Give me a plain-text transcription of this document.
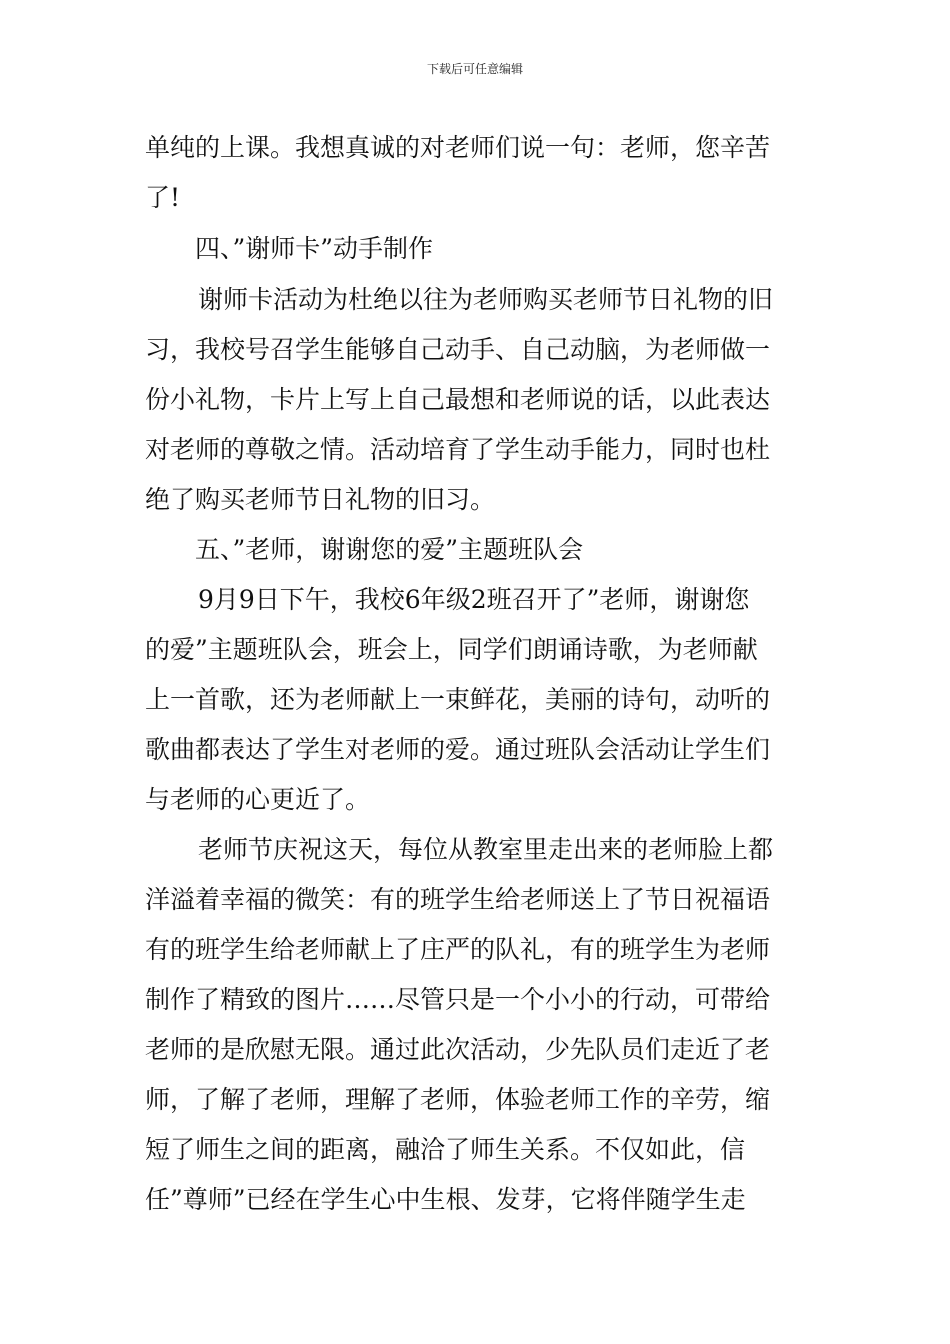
下载后可任意编辑
单纯的上课。我想真诚的对老师们说一句：老师，您辛苦
了!
四、”谢师卡”动手制作
谢师卡活动为杜绝以往为老师购买老师节日礼物的旧
习，我校号召学生能够自己动手、自己动脑，为老师做一
份小礼物，卡片上写上自己最想和老师说的话，以此表达
对老师的尊敬之情。活动培育了学生动手能力，同时也杜
绝了购买老师节日礼物的旧习。
五、”老师，谢谢您的爱”主题班队会
9月9日下午，我校6年级2班召开了”老师，谢谢您
的爱”主题班队会，班会上，同学们朗诵诗歌，为老师献
上一首歌，还为老师献上一束鲜花，美丽的诗句，动听的
歌曲都表达了学生对老师的爱。通过班队会活动让学生们
与老师的心更近了。
老师节庆祝这天，每位从教室里走出来的老师脸上都
洋溢着幸福的微笑：有的班学生给老师送上了节日祝福语
有的班学生给老师献上了庄严的队礼，有的班学生为老师
制作了精致的图片……尽管只是一个小小的行动，可带给
老师的是欣慰无限。通过此次活动，少先队员们走近了老
师，了解了老师，理解了老师，体验老师工作的辛劳，缩
短了师生之间的距离，融洽了师生关系。不仅如此，信
任”尊师”已经在学生心中生根、发芽，它将伴随学生走
